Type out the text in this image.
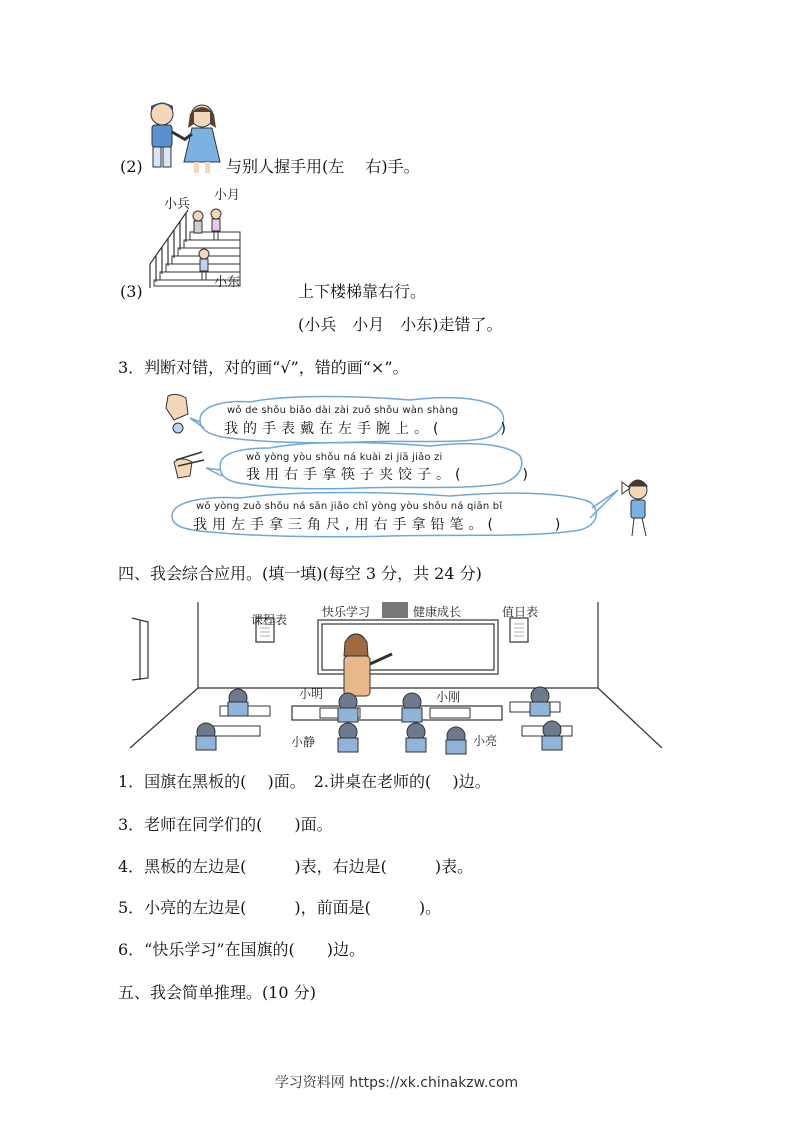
(2)	与别人握手用(左　 右)手。
小兵
小月
小东
(3)	上下楼梯靠右行。
(小兵　小月　小东)走错了。
3．判断对错，对的画“√”，错的画“×”。
wǒ de shǒu biǎo dài zài zuǒ shǒu wàn shàng
我的手表戴在左手腕上。(　　　)
wǒ yòng yòu shǒu ná kuài zi jiā jiǎo zi
我用右手拿筷子夹饺子。(　　　)
wǒ yòng zuǒ shǒu ná sān jiǎo chǐ yòng yòu shǒu ná qiān bǐ
我用左手拿三角尺,用右手拿铅笔。(　　　)
四、我会综合应用。(填一填)(每空 3 分，共 24 分)
课程表
快乐学习	健康成长	值日表
小明	小刚
小静	小亮
1．国旗在黑板的(　 )面。　2.讲桌在老师的(　 )边。
3．老师在同学们的(　　)面。
4．黑板的左边是(　　　)表，右边是(　　　)表。
5．小亮的左边是(　　　)，前面是(　　　)。
6．“快乐学习”在国旗的(　　)边。
五、我会简单推理。(10 分)
学习资料网 https://xk.chinakzw.com
